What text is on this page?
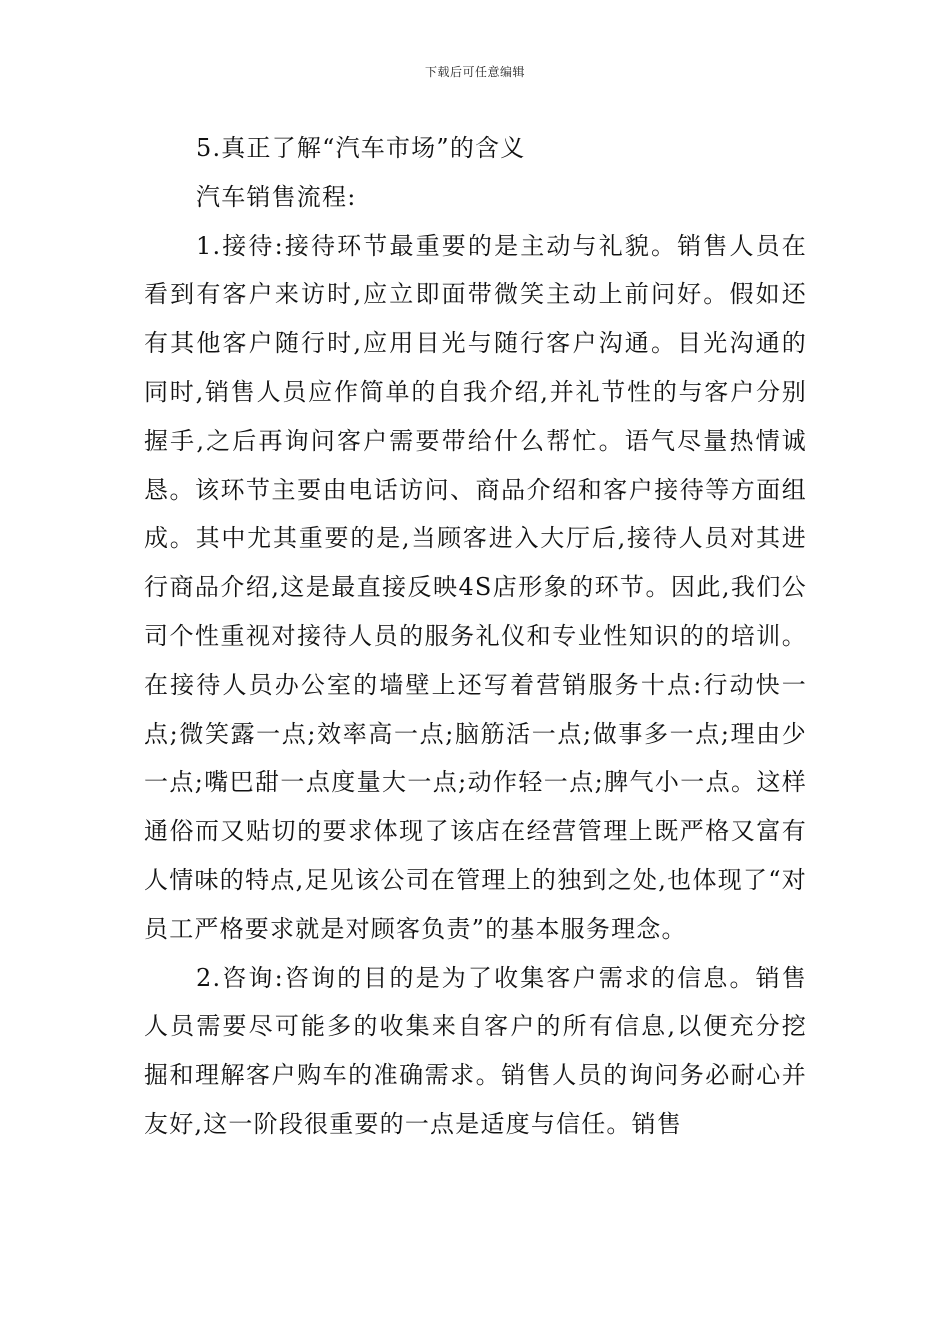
下载后可任意编辑

5.真正了解“汽车市场”的含义

汽车销售流程:

1.接待:接待环节最重要的是主动与礼貌。销售人员在看到有客户来访时,应立即面带微笑主动上前问好。假如还有其他客户随行时,应用目光与随行客户沟通。目光沟通的同时,销售人员应作简单的自我介绍,并礼节性的与客户分别握手,之后再询问客户需要带给什么帮忙。语气尽量热情诚恳。该环节主要由电话访问、商品介绍和客户接待等方面组成。其中尤其重要的是,当顾客进入大厅后,接待人员对其进行商品介绍,这是最直接反映4S店形象的环节。因此,我们公司个性重视对接待人员的服务礼仪和专业性知识的的培训。在接待人员办公室的墙壁上还写着营销服务十点:行动快一点;微笑露一点;效率高一点;脑筋活一点;做事多一点;理由少一点;嘴巴甜一点度量大一点;动作轻一点;脾气小一点。这样通俗而又贴切的要求体现了该店在经营管理上既严格又富有人情味的特点,足见该公司在管理上的独到之处,也体现了“对员工严格要求就是对顾客负责”的基本服务理念。

2.咨询:咨询的目的是为了收集客户需求的信息。销售人员需要尽可能多的收集来自客户的所有信息,以便充分挖掘和理解客户购车的准确需求。销售人员的询问务必耐心并友好,这一阶段很重要的一点是适度与信任。销售
